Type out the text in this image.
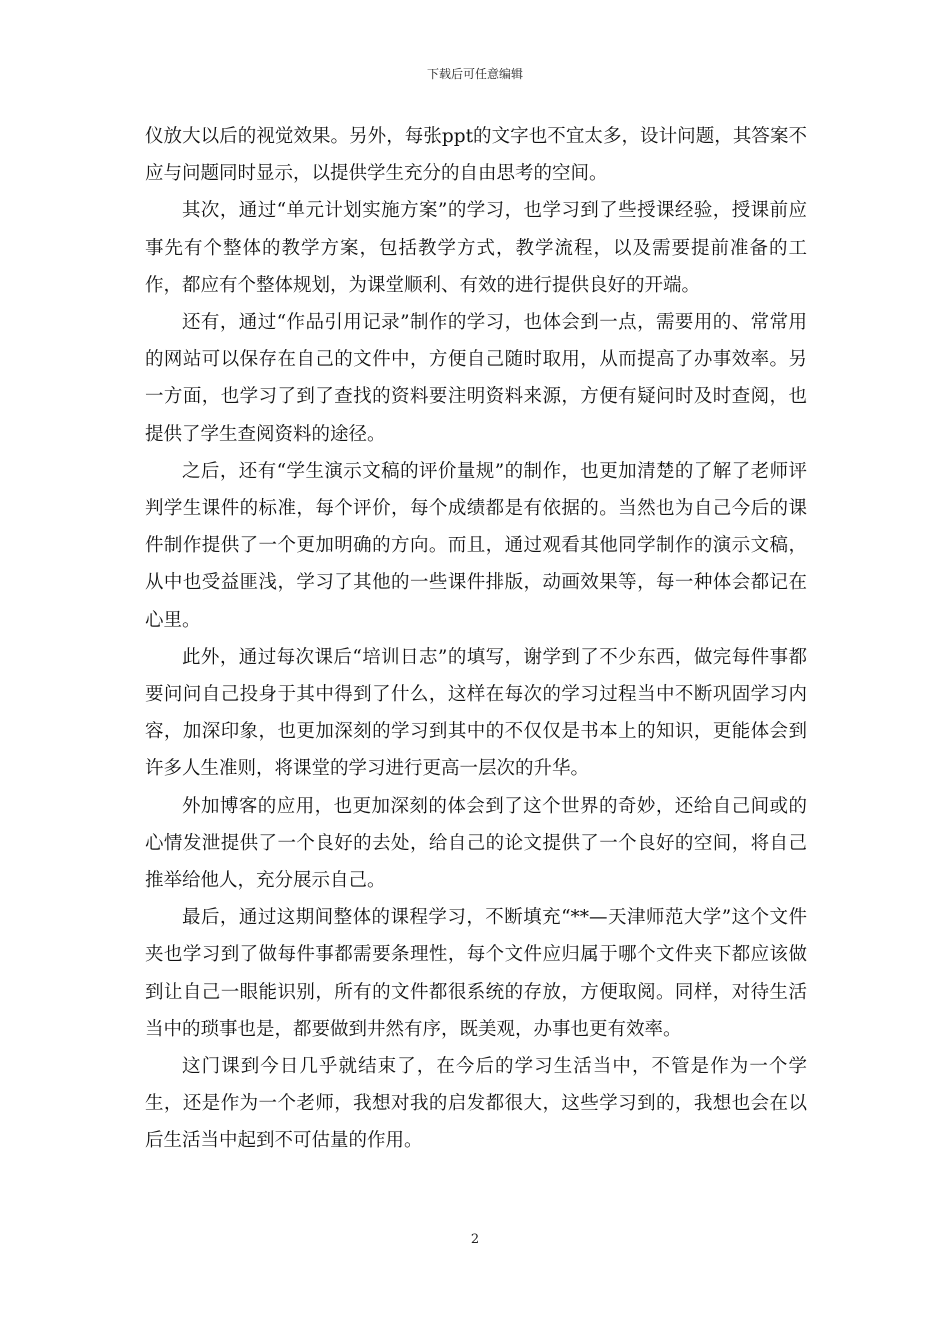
下载后可任意编辑

仪放大以后的视觉效果。另外，每张ppt的文字也不宜太多，设计问题，其答案不应与问题同时显示，以提供学生充分的自由思考的空间。

其次，通过“单元计划实施方案”的学习，也学习到了些授课经验，授课前应事先有个整体的教学方案，包括教学方式，教学流程，以及需要提前准备的工作，都应有个整体规划，为课堂顺利、有效的进行提供良好的开端。

还有，通过“作品引用记录”制作的学习，也体会到一点，需要用的、常常用的网站可以保存在自己的文件中，方便自己随时取用，从而提高了办事效率。另一方面，也学习了到了查找的资料要注明资料来源，方便有疑问时及时查阅，也提供了学生查阅资料的途径。

之后，还有“学生演示文稿的评价量规”的制作，也更加清楚的了解了老师评判学生课件的标准，每个评价，每个成绩都是有依据的。当然也为自己今后的课件制作提供了一个更加明确的方向。而且，通过观看其他同学制作的演示文稿，从中也受益匪浅，学习了其他的一些课件排版，动画效果等，每一种体会都记在心里。

此外，通过每次课后“培训日志”的填写，谢学到了不少东西，做完每件事都要问问自己投身于其中得到了什么，这样在每次的学习过程当中不断巩固学习内容，加深印象，也更加深刻的学习到其中的不仅仅是书本上的知识，更能体会到许多人生准则，将课堂的学习进行更高一层次的升华。

外加博客的应用，也更加深刻的体会到了这个世界的奇妙，还给自己间或的心情发泄提供了一个良好的去处，给自己的论文提供了一个良好的空间，将自己推举给他人，充分展示自己。

最后，通过这期间整体的课程学习，不断填充“**—天津师范大学”这个文件夹也学习到了做每件事都需要条理性，每个文件应归属于哪个文件夹下都应该做到让自己一眼能识别，所有的文件都很系统的存放，方便取阅。同样，对待生活当中的琐事也是，都要做到井然有序，既美观，办事也更有效率。

这门课到今日几乎就结束了，在今后的学习生活当中，不管是作为一个学生，还是作为一个老师，我想对我的启发都很大，这些学习到的，我想也会在以后生活当中起到不可估量的作用。

2
